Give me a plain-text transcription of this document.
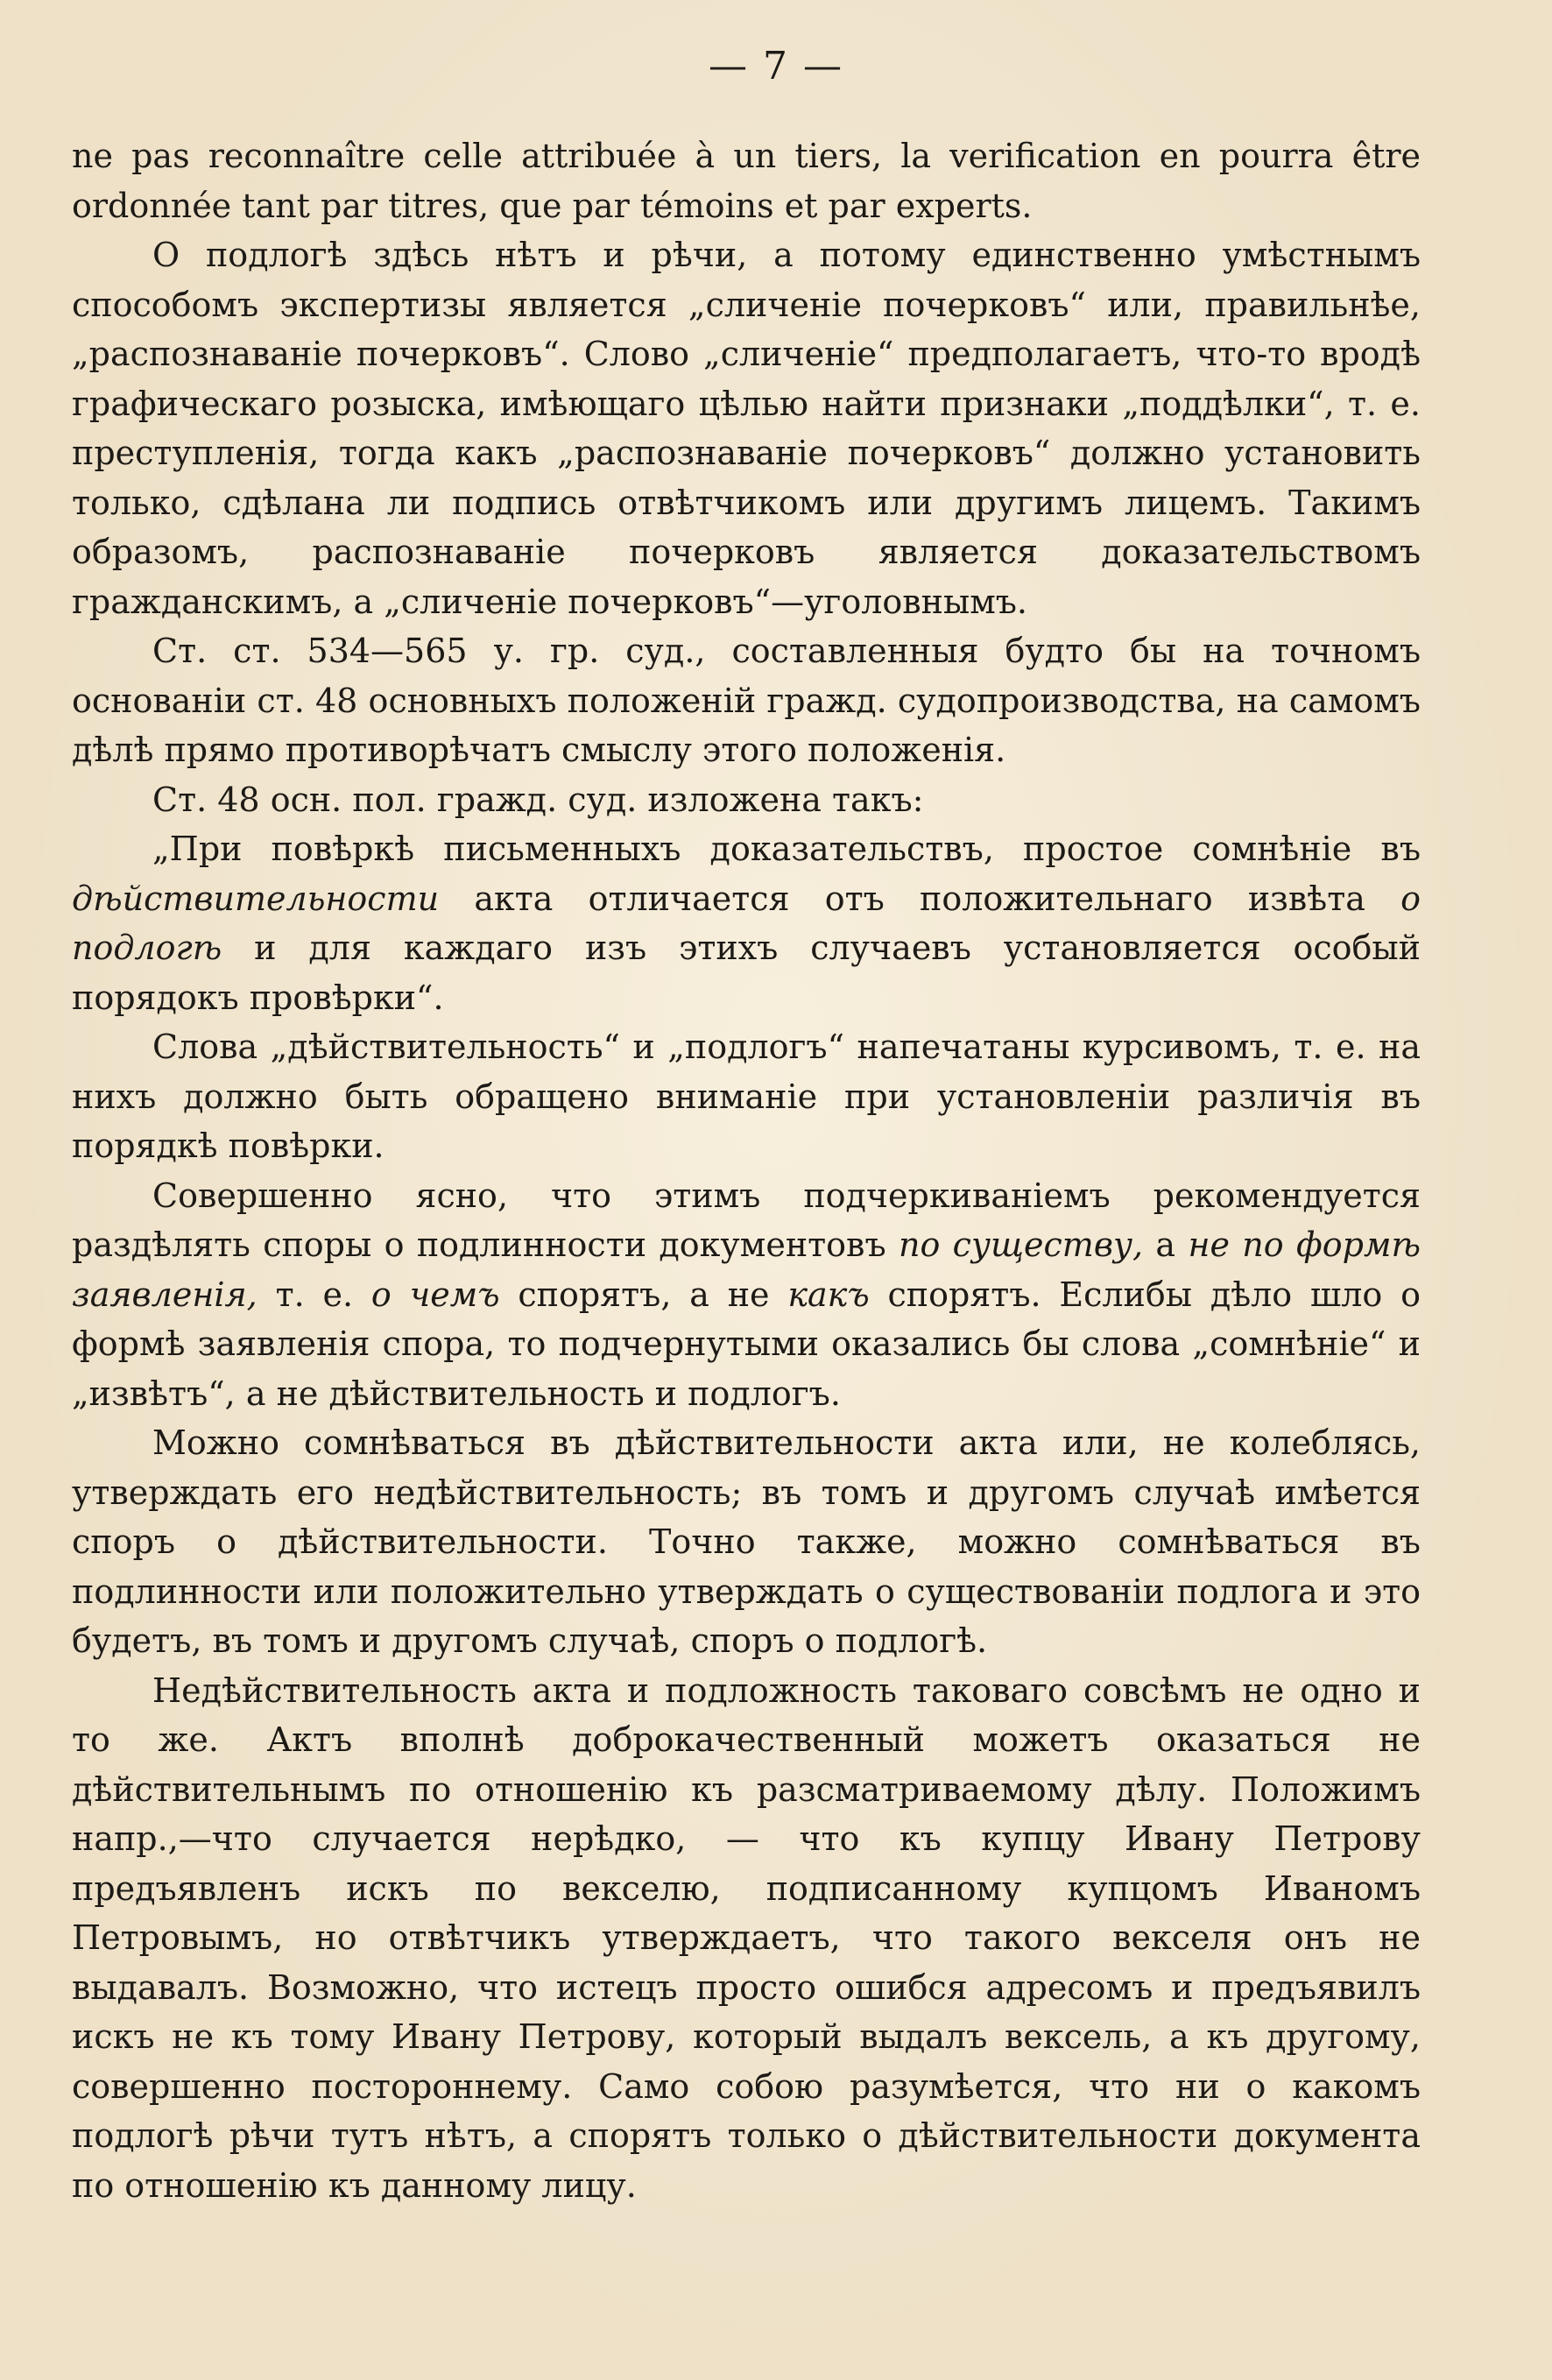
— 7 —

ne pas reconnaître celle attribuée à un tiers, la verification en pourra être ordonnée tant par titres, que par témoins et par experts.

О подлогѣ здѣсь нѣтъ и рѣчи, а потому единственно умѣстнымъ способомъ экспертизы является „сличенiе почерковъ“ или, правильнѣе, „распознаванiе почерковъ“. Слово „сличенiе“ предполагаетъ, что-то вродѣ графическаго розыска, имѣющаго цѣлью найти признаки „поддѣлки“, т. е. преступленiя, тогда какъ „распознаванiе почерковъ“ должно установить только, сдѣлана ли подпись отвѣтчикомъ или другимъ лицемъ. Такимъ образомъ, распознаванiе почерковъ является доказательствомъ гражданскимъ, а „сличенiе почерковъ“—уголовнымъ.

Ст. ст. 534—565 у. гр. суд., составленныя будто бы на точномъ основанiи ст. 48 основныхъ положенiй гражд. судопроизводства, на самомъ дѣлѣ прямо противорѣчатъ смыслу этого положенiя.

Ст. 48 осн. пол. гражд. суд. изложена такъ:

„При повѣркѣ письменныхъ доказательствъ, простое сомнѣнiе въ дѣйствительности акта отличается отъ положительнаго извѣта о подлогѣ и для каждаго изъ этихъ случаевъ установляется особый порядокъ провѣрки“.

Слова „дѣйствительность“ и „подлогъ“ напечатаны курсивомъ, т. е. на нихъ должно быть обращено вниманiе при установленiи различiя въ порядкѣ повѣрки.

Совершенно ясно, что этимъ подчеркиванiемъ рекомендуется раздѣлять споры о подлинности документовъ по существу, а не по формѣ заявленiя, т. е. о чемъ спорятъ, а не какъ спорятъ. Еслибы дѣло шло о формѣ заявленiя спора, то подчернутыми оказались бы слова „сомнѣнiе“ и „извѣтъ“, а не дѣйствительность и подлогъ.

Можно сомнѣваться въ дѣйствительности акта или, не колеблясь, утверждать его недѣйствительность; въ томъ и другомъ случаѣ имѣется споръ о дѣйствительности. Точно также, можно сомнѣваться въ подлинности или положительно утверждать о существованiи подлога и это будетъ, въ томъ и другомъ случаѣ, споръ о подлогѣ.

Недѣйствительность акта и подложность таковаго совсѣмъ не одно и то же. Актъ вполнѣ доброкачественный можетъ оказаться не дѣйствительнымъ по отношенiю къ разсматриваемому дѣлу. Положимъ напр.,—что случается нерѣдко, — что къ купцу Ивану Петрову предъявленъ искъ по векселю, подписанному купцомъ Иваномъ Петровымъ, но отвѣтчикъ утверждаетъ, что такого векселя онъ не выдавалъ. Возможно, что истецъ просто ошибся адресомъ и предъявилъ искъ не къ тому Ивану Петрову, который выдалъ вексель, а къ другому, совершенно постороннему. Само собою разумѣется, что ни о какомъ подлогѣ рѣчи тутъ нѣтъ, а спорятъ только о дѣйствительности документа по отношенiю къ данному лицу.
